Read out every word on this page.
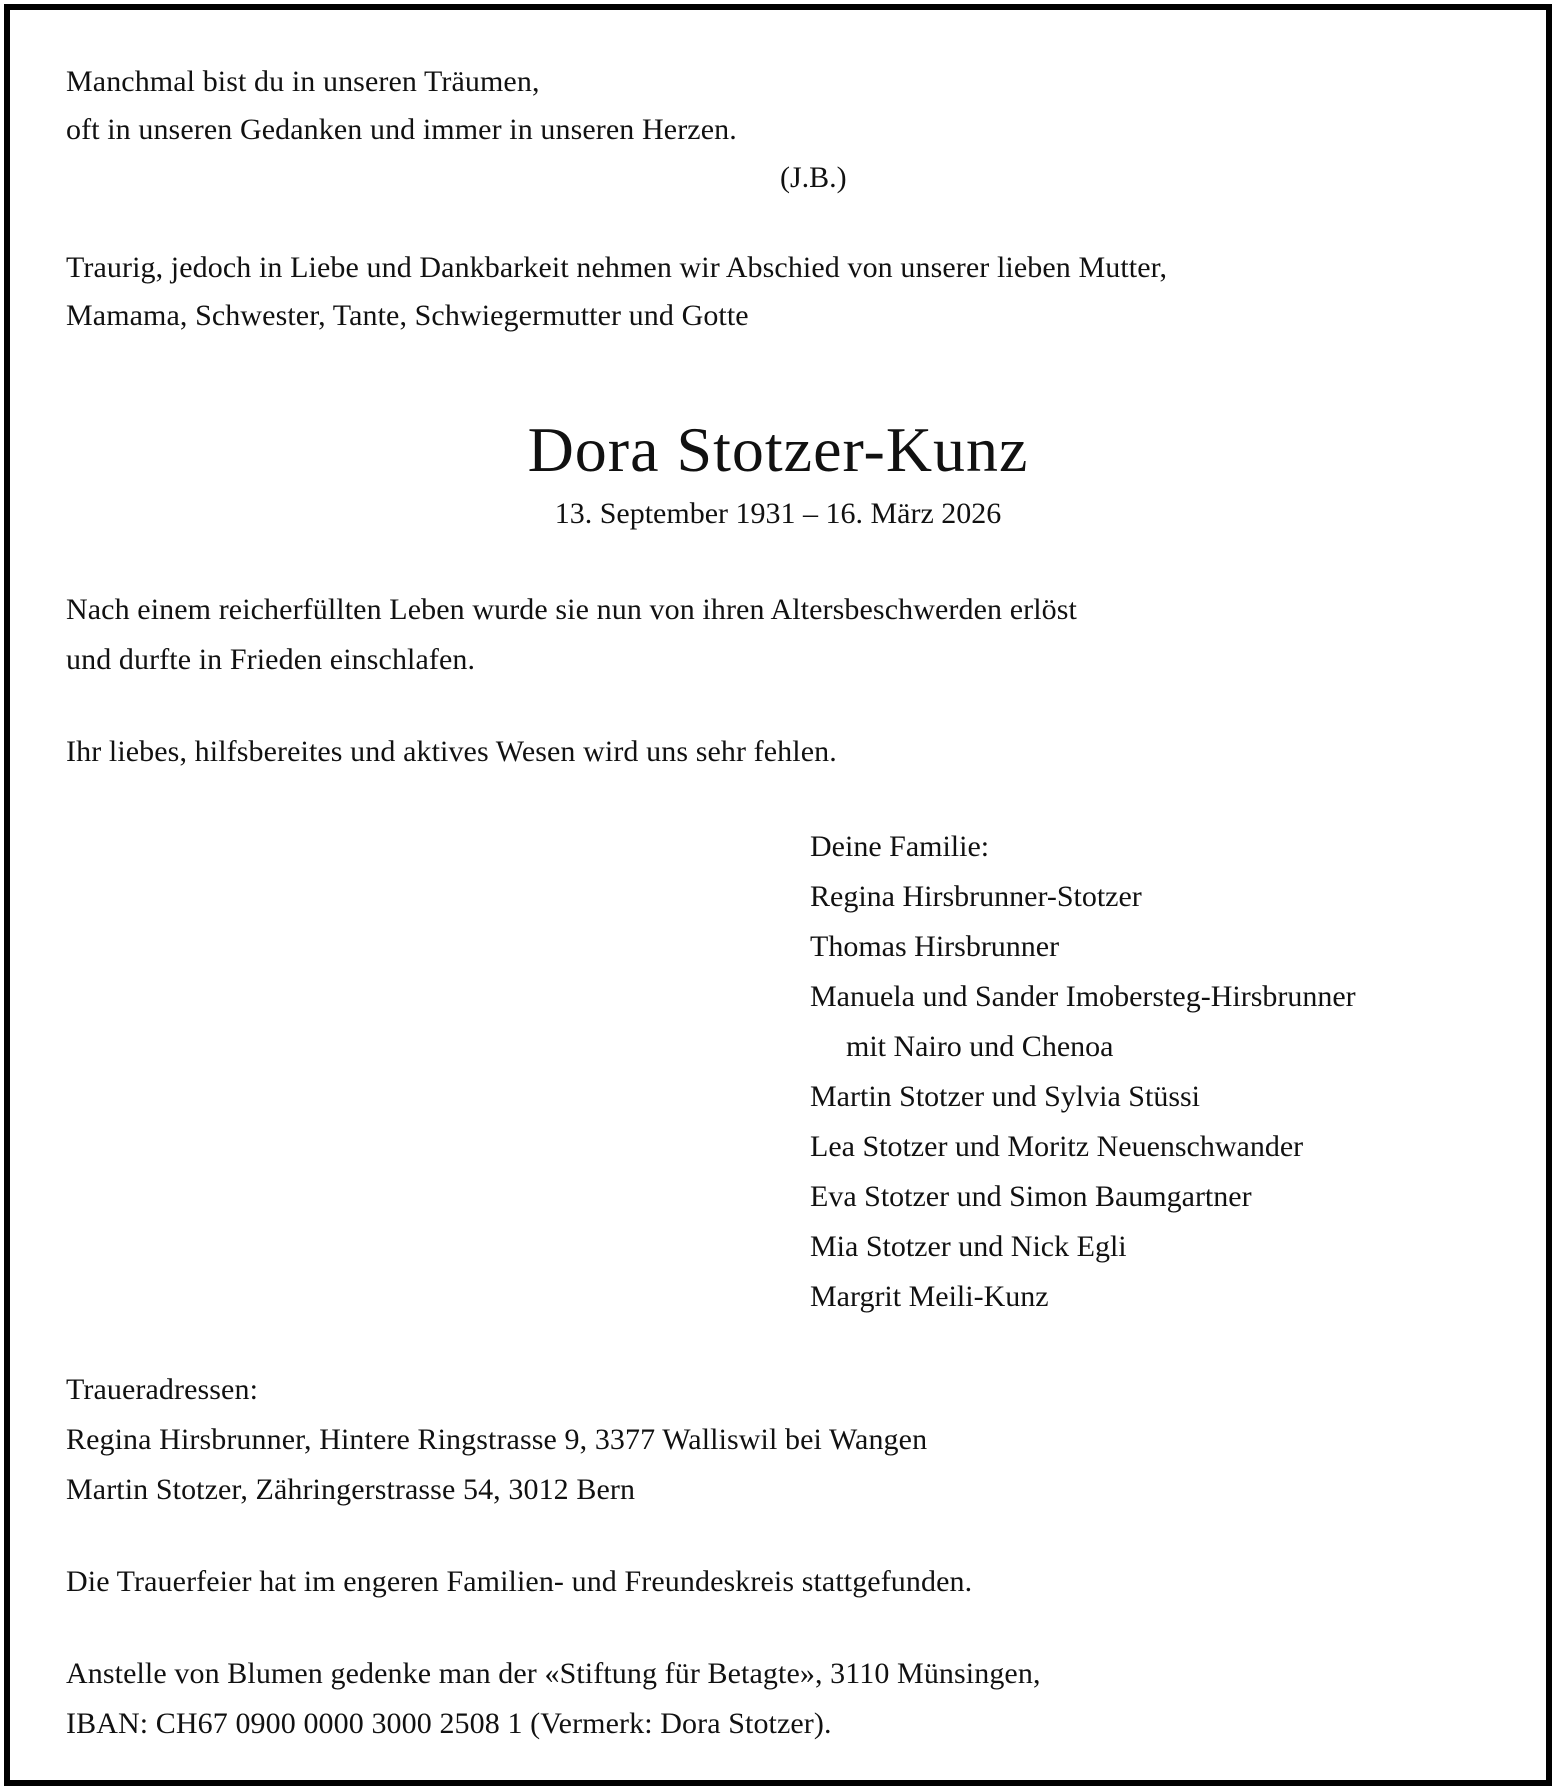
Manchmal bist du in unseren Träumen,
oft in unseren Gedanken und immer in unseren Herzen.
(J.B.)
Traurig, jedoch in Liebe und Dankbarkeit nehmen wir Abschied von unserer lieben Mutter,
Mamama, Schwester, Tante, Schwiegermutter und Gotte
Dora Stotzer-Kunz
13. September 1931 – 16. März 2026
Nach einem reicherfüllten Leben wurde sie nun von ihren Altersbeschwerden erlöst
und durfte in Frieden einschlafen.
Ihr liebes, hilfsbereites und aktives Wesen wird uns sehr fehlen.
Deine Familie:
Regina Hirsbrunner-Stotzer
Thomas Hirsbrunner
Manuela und Sander Imobersteg-Hirsbrunner
mit Nairo und Chenoa
Martin Stotzer und Sylvia Stüssi
Lea Stotzer und Moritz Neuenschwander
Eva Stotzer und Simon Baumgartner
Mia Stotzer und Nick Egli
Margrit Meili-Kunz
Traueradressen:
Regina Hirsbrunner, Hintere Ringstrasse 9, 3377 Walliswil bei Wangen
Martin Stotzer, Zähringerstrasse 54, 3012 Bern
Die Trauerfeier hat im engeren Familien- und Freundeskreis stattgefunden.
Anstelle von Blumen gedenke man der «Stiftung für Betagte», 3110 Münsingen,
IBAN: CH67 0900 0000 3000 2508 1 (Vermerk: Dora Stotzer).
